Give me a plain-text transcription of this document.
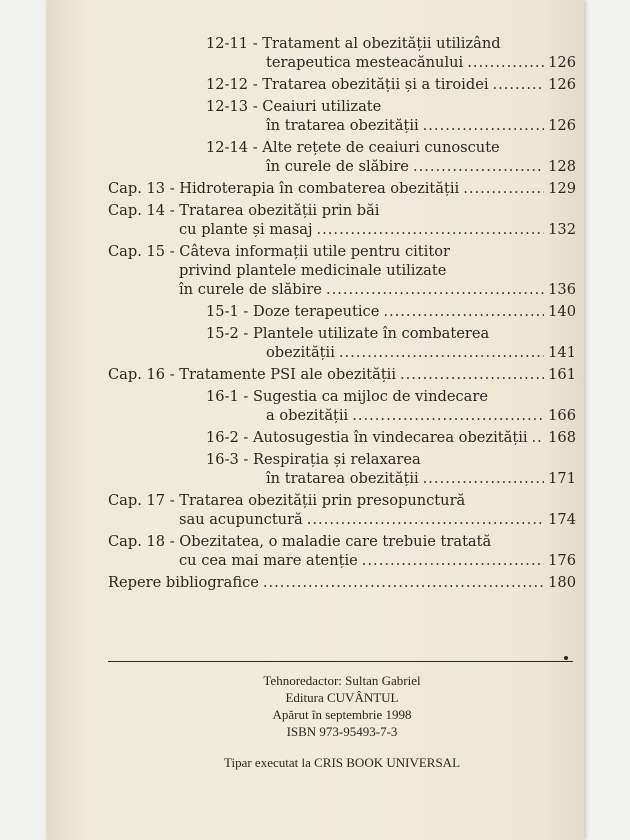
12-11 - Tratament al obezității utilizând
terapeutica mesteacănului .....	126
12-12 - Tratarea obezității și a tiroidei .....	126
12-13 - Ceaiuri utilizate
în tratarea obezității .....	126
12-14 - Alte rețete de ceaiuri cunoscute
în curele de slăbire .....	128
Cap. 13 - Hidroterapia în combaterea obezității .....	129
Cap. 14 - Tratarea obezității prin băi
cu plante și masaj .....	132
Cap. 15 - Câteva informații utile pentru cititor
privind plantele medicinale utilizate
în curele de slăbire .....	136
15-1 - Doze terapeutice .....	140
15-2 - Plantele utilizate în combaterea
obezității .....	141
Cap. 16 - Tratamente PSI ale obezității .....	161
16-1 - Sugestia ca mijloc de vindecare
a obezității .....	166
16-2 - Autosugestia în vindecarea obezității ..... 168
16-3 - Respirația și relaxarea
în tratarea obezității .....	171
Cap. 17 - Tratarea obezității prin presopunctură
sau acupunctură .....	174
Cap. 18 - Obezitatea, o maladie care trebuie tratată
cu cea mai mare atenție .....	176
Repere bibliografice .....	180
Tehnoredactor: Sultan Gabriel
Editura CUVÂNTUL
Apărut în septembrie 1998
ISBN 973-95493-7-3
Tipar executat la CRIS BOOK UNIVERSAL
